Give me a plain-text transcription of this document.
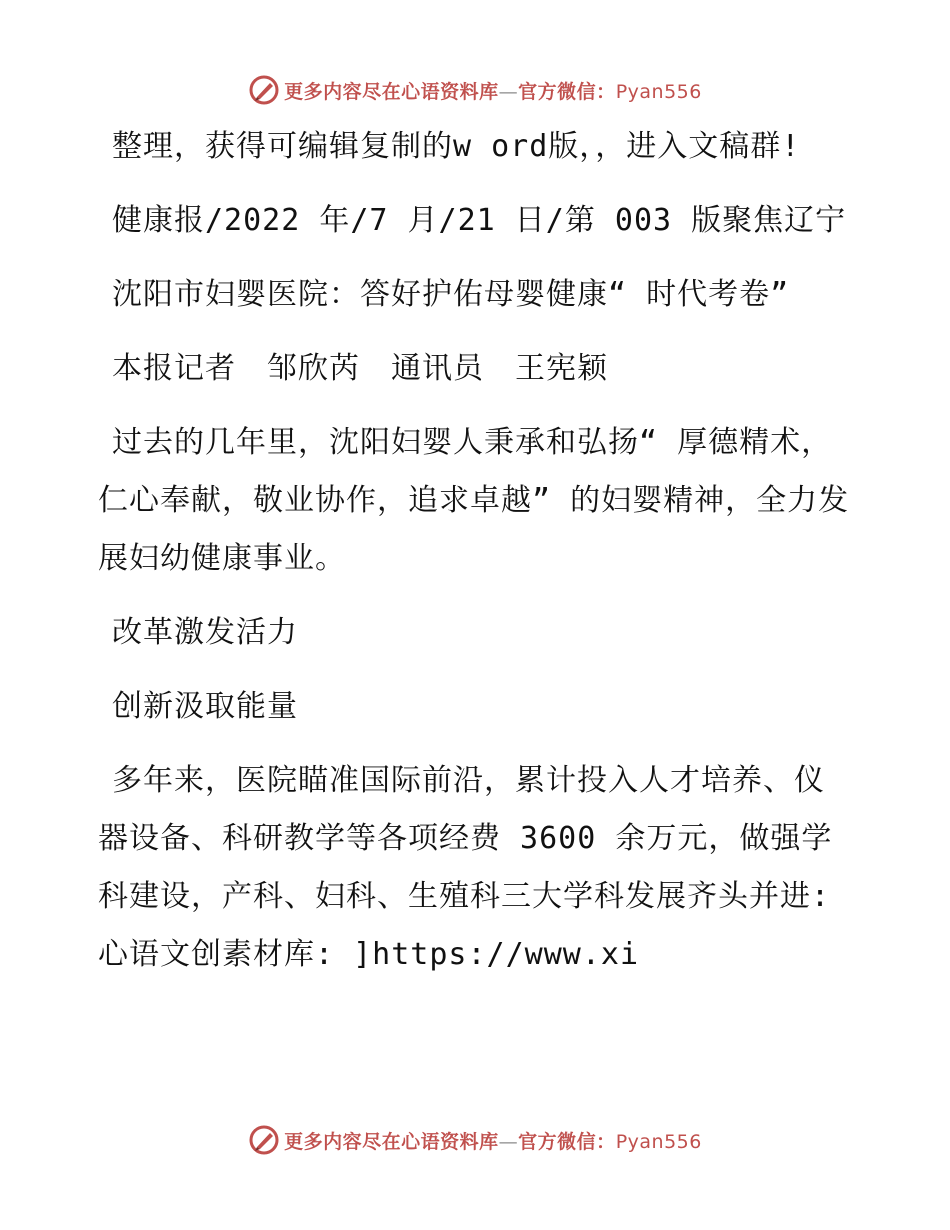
更多内容尽在心语资料库—官方微信：Pyan556

整理，获得可编辑复制的w ord版，，进入文稿群!

健康报/2022 年/7 月/21 日/第 003 版聚焦辽宁

沈阳市妇婴医院：答好护佑母婴健康“ 时代考卷”

本报记者　邹欣芮　通讯员　王宪颖

过去的几年里，沈阳妇婴人秉承和弘扬“ 厚德精术，仁心奉献，敬业协作，追求卓越” 的妇婴精神，全力发展妇幼健康事业。

改革激发活力

创新汲取能量

多年来，医院瞄准国际前沿，累计投入人才培养、仪器设备、科研教学等各项经费 3600 余万元，做强学科建设，产科、妇科、生殖科三大学科发展齐头并进:心语文创素材库: ]https://www.xi

更多内容尽在心语资料库—官方微信：Pyan556
